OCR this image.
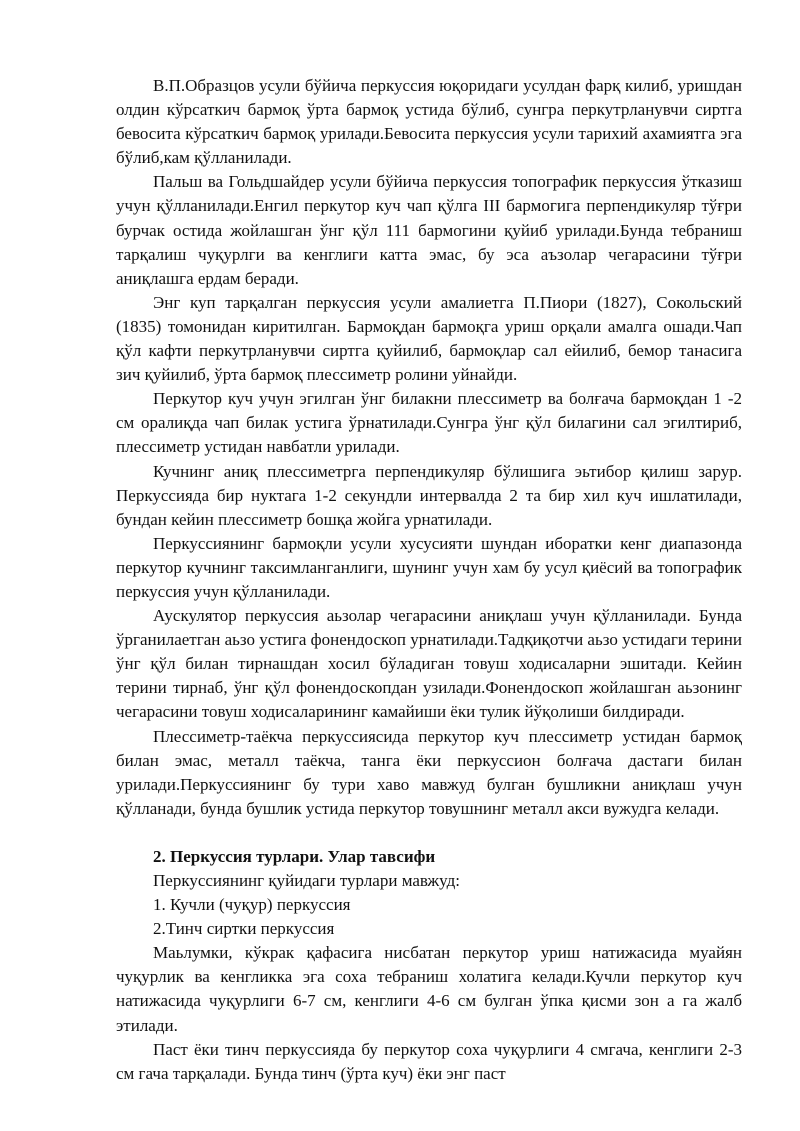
В.П.Образцов усули бўйича перкуссия юқоридаги усулдан фарқ килиб, уришдан олдин кўрсаткич бармоқ ўрта бармоқ устида бўлиб, сунгра перкутрланувчи сиртга бевосита кўрсаткич бармоқ урилади.Бевосита перкуссия усули тарихий ахамиятга эга бўлиб,кам қўлланилади.

Пальш ва Гольдшайдер усули бўйича перкуссия топографик перкуссия ўтказиш учун қўлланилади.Енгил перкутор куч чап қўлга III бармогига перпендикуляр тўғри бурчак остида жойлашган ўнг қўл 111 бармогини қуйиб урилади.Бунда тебраниш тарқалиш чуқурлги ва кенглиги катта эмас, бу эса аъзолар чегарасини тўғри аниқлашга ердам беради.

Энг куп тарқалган перкуссия усули амалиетга П.Пиори (1827), Сокольский (1835) томонидан киритилган. Бармоқдан бармоқга уриш орқали амалга ошади.Чап қўл кафти перкутрланувчи сиртга қуйилиб, бармоқлар сал ейилиб, бемор танасига зич қуйилиб, ўрта бармоқ плессиметр ролини уйнайди.

Перкутор куч учун эгилган ўнг билакни плессиметр ва болғача бармоқдан 1 -2 см оралиқда чап билак устига ўрнатилади.Сунгра ўнг қўл билагини сал эгилтириб, плессиметр устидан навбатли урилади.

Кучнинг аниқ плессиметрга перпендикуляр бўлишига эьтибор қилиш зарур. Перкуссияда бир нуктага 1-2 секундли интервалда 2 та бир хил куч ишлатилади, бундан кейин плессиметр бошқа жойга урнатилади.

Перкуссиянинг бармоқли усули хусусияти шундан иборатки кенг диапазонда перкутор кучнинг таксимланганлиги, шунинг учун хам бу усул қиёсий ва топографик перкуссия учун қўлланилади.

Аускулятор перкуссия аьзолар чегарасини аниқлаш учун қўлланилади. Бунда ўрганилаетган аьзо устига фонендоскоп урнатилади.Тадқиқотчи аьзо устидаги терини ўнг қўл билан тирнашдан хосил бўладиган товуш ходисаларни эшитади. Кейин терини тирнаб, ўнг қўл фонендоскопдан узилади.Фонендоскоп жойлашган аьзонинг чегарасини товуш ходисаларининг камайиши ёки тулик йўқолиши билдиради.

Плессиметр-таёкча перкуссиясида перкутор куч плессиметр устидан бармоқ билан эмас, металл таёкча, танга ёки перкуссион болғача дастаги билан урилади.Перкуссиянинг бу тури хаво мавжуд булган бушликни аниқлаш учун қўлланади, бунда бушлик устида перкутор товушнинг металл акси вужудга келади.

2. Перкуссия турлари. Улар тавсифи

Перкуссиянинг қуйидаги турлари мавжуд:

1. Кучли (чуқур) перкуссия

2.Тинч сиртки перкуссия

Маьлумки, кўкрак қафасига нисбатан перкутор уриш натижасида муайян чуқурлик ва кенгликка эга соха тебраниш холатига келади.Кучли перкутор куч натижасида чуқурлиги 6-7 см, кенглиги 4-6 см булган ўпка қисми зон а га жалб этилади.

Паст ёки тинч перкуссияда бу перкутор соха чуқурлиги 4 смгача, кенглиги 2-3 см гача тарқалади. Бунда тинч (ўрта куч) ёки энг паст
